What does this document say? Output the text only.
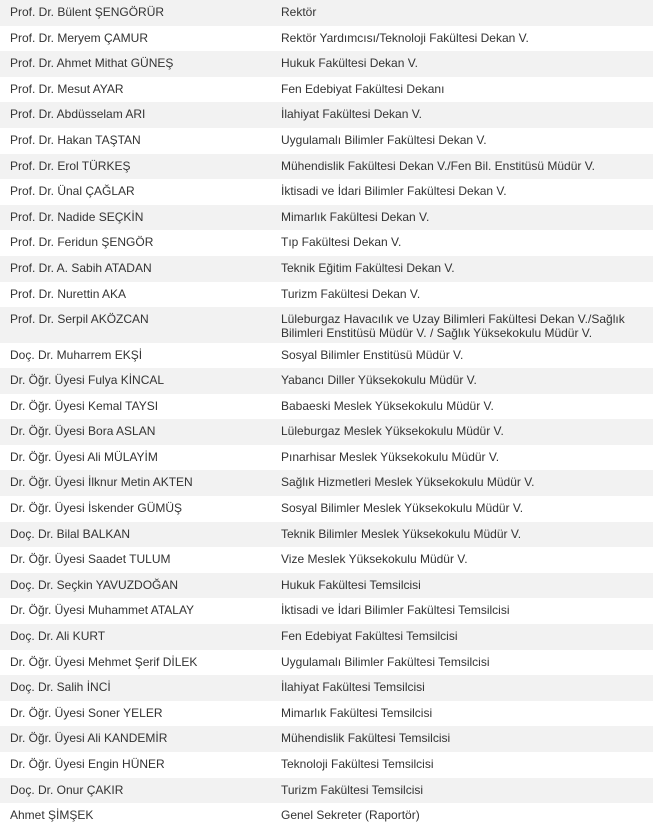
Prof. Dr. Bülent ŞENGÖRÜR	Rektör
Prof. Dr. Meryem ÇAMUR	Rektör Yardımcısı/Teknoloji Fakültesi Dekan V.
Prof. Dr. Ahmet Mithat GÜNEŞ	Hukuk Fakültesi Dekan V.
Prof. Dr. Mesut AYAR	Fen Edebiyat Fakültesi Dekanı
Prof. Dr. Abdüsselam ARI	İlahiyat Fakültesi Dekan V.
Prof. Dr. Hakan TAŞTAN	Uygulamalı Bilimler Fakültesi Dekan V.
Prof. Dr. Erol TÜRKEŞ	Mühendislik Fakültesi Dekan V./Fen Bil. Enstitüsü Müdür V.
Prof. Dr. Ünal ÇAĞLAR	İktisadi ve İdari Bilimler Fakültesi Dekan V.
Prof. Dr. Nadide SEÇKİN	Mimarlık Fakültesi Dekan V.
Prof. Dr. Feridun ŞENGÖR	Tıp Fakültesi Dekan V.
Prof. Dr. A. Sabih ATADAN	Teknik Eğitim Fakültesi Dekan V.
Prof. Dr. Nurettin AKA	Turizm Fakültesi Dekan V.
Prof. Dr. Serpil AKÖZCAN	Lüleburgaz Havacılık ve Uzay Bilimleri Fakültesi Dekan V./Sağlık Bilimleri Enstitüsü Müdür V. / Sağlık Yüksekokulu Müdür V.
Doç. Dr. Muharrem EKŞİ	Sosyal Bilimler Enstitüsü Müdür V.
Dr. Öğr. Üyesi Fulya KİNCAL	Yabancı Diller Yüksekokulu Müdür V.
Dr. Öğr. Üyesi Kemal TAYSI	Babaeski Meslek Yüksekokulu Müdür V.
Dr. Öğr. Üyesi Bora ASLAN	Lüleburgaz Meslek Yüksekokulu Müdür V.
Dr. Öğr. Üyesi Ali MÜLAYİM	Pınarhisar Meslek Yüksekokulu Müdür V.
Dr. Öğr. Üyesi İlknur Metin AKTEN	Sağlık Hizmetleri Meslek Yüksekokulu Müdür V.
Dr. Öğr. Üyesi İskender GÜMÜŞ	Sosyal Bilimler Meslek Yüksekokulu Müdür V.
Doç. Dr. Bilal BALKAN	Teknik Bilimler Meslek Yüksekokulu Müdür V.
Dr. Öğr. Üyesi Saadet TULUM	Vize Meslek Yüksekokulu Müdür V.
Doç. Dr. Seçkin YAVUZDOĞAN	Hukuk Fakültesi Temsilcisi
Dr. Öğr. Üyesi Muhammet ATALAY	İktisadi ve İdari Bilimler Fakültesi Temsilcisi
Doç. Dr. Ali KURT	Fen Edebiyat Fakültesi Temsilcisi
Dr. Öğr. Üyesi Mehmet Şerif DİLEK	Uygulamalı Bilimler Fakültesi Temsilcisi
Doç. Dr. Salih İNCİ	İlahiyat Fakültesi Temsilcisi
Dr. Öğr. Üyesi Soner YELER	Mimarlık Fakültesi Temsilcisi
Dr. Öğr. Üyesi Ali KANDEMİR	Mühendislik Fakültesi Temsilcisi
Dr. Öğr. Üyesi Engin HÜNER	Teknoloji Fakültesi Temsilcisi
Doç. Dr. Onur ÇAKIR	Turizm Fakültesi Temsilcisi
Ahmet ŞİMŞEK	Genel Sekreter (Raportör)
